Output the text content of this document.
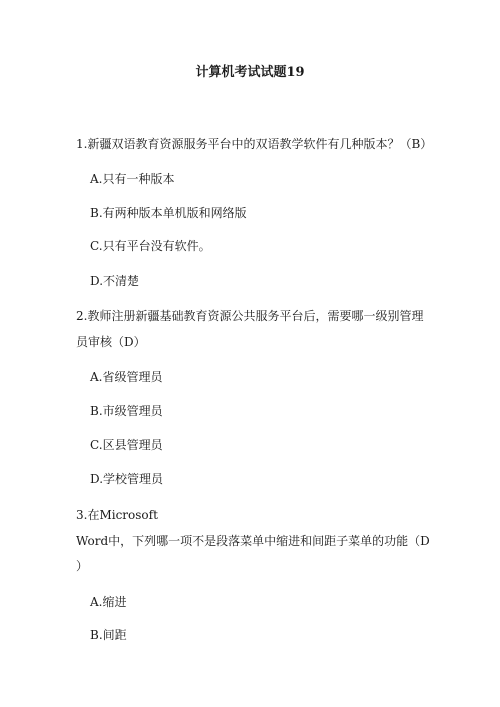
计算机考试试题19
1.新疆双语教育资源服务平台中的双语教学软件有几种版本？（B）
A.只有一种版本
B.有两种版本单机版和网络版
C.只有平台没有软件。
D.不清楚
2.教师注册新疆基础教育资源公共服务平台后，需要哪一级别管理
员审核（D）
A.省级管理员
B.市级管理员
C.区县管理员
D.学校管理员
3.在Microsoft
Word中，下列哪一项不是段落菜单中缩进和间距子菜单的功能（D
）
A.缩进
B.间距
